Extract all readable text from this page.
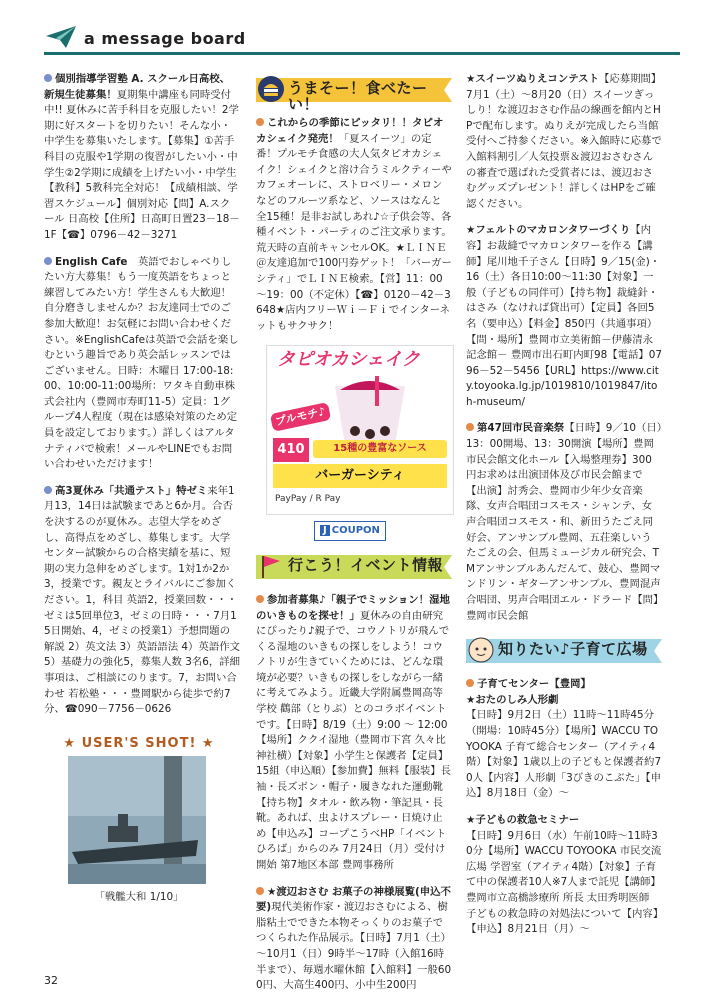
a message board
個別指導学習塾 A. スクール日高校、新規生徒募集！夏期集中講座も同時受付中!! 夏休みに苦手科目を克服したい！2学期に好スタートを切りたい！そんな小・中学生を募集いたします。【募集】①苦手科目の克服や1学期の復習がしたい小・中学生②2学期に成績を上げたい小・中学生【教科】5教科完全対応！【成績相談、学習スケジュール】個別対応【問】A.スクール 日高校【住所】日高町日置23－18－1F【☎】0796－42－3271
English Cafe　 英語でおしゃべりしたい方大募集！もう一度英語をちょっと練習してみたい方！学生さんも大歓迎！自分磨きしませんか？お友達同士でのご参加大歓迎！お気軽にお問い合わせください。※EnglishCafeは英語で会話を楽しむという趣旨であり英会話レッスンではございません。日時：木曜日 17:00-18:00、10:00-11:00場所：ワタキ自動車株式会社内（豊岡市寿町11-5）定員：1グループ4人程度（現在は感染対策のため定員を設定しております。）詳しくはアルタナティバで検索！メールやLINEでもお問い合わせいただけます！
高3夏休み「共通テスト」特ゼミ来年1月13，14日は試験まであと6か月。合否を決するのが夏休み。志望大学をめざし、高得点をめざし、募集します。大学センター試験からの合格実績を基に、短期の実力急伸をめざします。1対1か2か3，授業です。親友とライバルにご参加ください。1，科目 英語2，授業回数・・・ゼミは5回単位3，ゼミの日時・・・7月15日開始、4，ゼミの授業1）予想問題の解説 2）英文法 3）英語語法 4）英語作文5）基礎力の強化5，募集人数 3名6，詳細事項は、ご相談にのります。7，お問い合わせ 若松塾・・・豊岡駅から徒歩で約7分、☎090－7756－0626
★ USER'S SHOT! ★
「戦艦大和 1/10」
うまそー！食べたーい！
これからの季節にピッタリ！！タピオカシェイク発売！「夏スイーツ」の定番！プルモチ食感の大人気タピオカシェイク！シェイクと溶け合うミルクティーやカフェオーレに、ストロベリー・メロンなどのフルーツ系など、ソースはなんと全15種！是非お試しあれ♪☆子供会等、各種イベント・パーティのご注文承ります。荒天時の直前キャンセルOK。★ＬＩＮＥ＠友達追加で100円券ゲット！「バーガーシティ」でＬＩＮＥ検索。【営】11：00～19：00（不定休）【☎】0120－42－3648★店内フリーＷｉ－Ｆｉでインターネットもサクサク！
タピオカシェイク
プルモチ♪
410	15種の豊富なソース
バーガーシティ
PayPay / R Pay
J COUPON
行こう！イベント情報
参加者募集♪「親子でミッション！湿地のいきものを探せ！」夏休みの自由研究にぴったり♪親子で、コウノトリが飛んでくる湿地のいきもの探しをしよう！コウノトリが生きていくためには、どんな環境が必要？いきもの探しをしながら一緒に考えてみよう。近畿大学附属豊岡高等学校 鸛部（とりぶ）とのコラボイベントです。【日時】8/19（土）9:00 ～ 12:00【場所】ククイ湿地（豊岡市下宮 久々比神社横）【対象】小学生と保護者【定員】15組（申込順）【参加費】無料【服装】長袖・長ズボン・帽子・履きなれた運動靴【持ち物】タオル・飲み物・筆記具・長靴。あれば、虫よけスプレー・日焼け止め【申込み】コープこうべHP「イベントひろば」からのみ 7月24日（月）受付け開始 第7地区本部 豊岡事務所
★渡辺おさむ お菓子の神様展覧(申込不要)現代美術作家・渡辺おさむによる、樹脂粘土でできた本物そっくりのお菓子でつくられた作品展示。【日時】7月1（土）～10月1（日）9時半～17時（入館16時半まで）、毎週水曜休館【入館料】一般600円、大高生400円、小中生200円
★スイーツぬりえコンテスト【応募期間】7月1（土）～8月20（日）スイーツぎっしり！な渡辺おさむ作品の線画を館内とHPで配布します。ぬりえが完成したら当館受付へご持参ください。※入館時に応募で入館料割引／人気投票＆渡辺おさむさんの審査で選ばれた受賞者には、渡辺おさむグッズプレゼント！詳しくはHPをご確認ください。
★フェルトのマカロンタワーづくり【内容】お裁縫でマカロンタワーを作る【講師】尾川地千子さん【日時】9／15(金)・16（土）各日10:00～11:30【対象】一般（子どもの同伴可）【持ち物】裁縫針・はさみ（なければ貸出可）【定員】各回5名（要申込）【料金】850円（共通事項）【問・場所】豊岡市立美術館－伊藤清永記念館－ 豊岡市出石町内町98【電話】0796－52－5456【URL】https://www.city.toyooka.lg.jp/1019810/1019847/itoh-museum/
第47回市民音楽祭【日時】9／10（日）13：00開場、13：30開演【場所】豊岡市民会館文化ホール【入場整理券】300円お求めは出演団体及び市民会館まで【出演】討秀会、豊岡市少年少女音楽隊、女声合唱団コスモス・シャンテ、女声合唱団コスモス・和、新田うたごえ同好会、アンサンブル豊岡、五荘楽しいうたごえの会、但馬ミュージカル研究会、TMアンサンブルあんだんて、鼓心、豊岡マンドリン・ギターアンサンブル、豊岡混声合唱団、男声合唱団エル・ドラード【問】豊岡市民会館
知りたい♪子育て広場
子育てセンター【豊岡】
★おたのしみ人形劇
【日時】9月2日（土）11時～11時45分（開場：10時45分）【場所】WACCU TOYOOKA 子育て総合センター（アイティ4階）【対象】1歳以上の子どもと保護者約70人【内容】人形劇「3びきのこぶた」【申込】8月18日（金）～
★子どもの救急セミナー
【日時】9月6日（水）午前10時～11時30分【場所】WACCU TOYOOKA 市民交流広場 学習室（アイティ4階）【対象】子育て中の保護者10人※7人まで託児【講師】豊岡市立高橋診療所 所長 太田秀明医師 子どもの救急時の対処法について【内容】【申込】8月21日（月）～
32
